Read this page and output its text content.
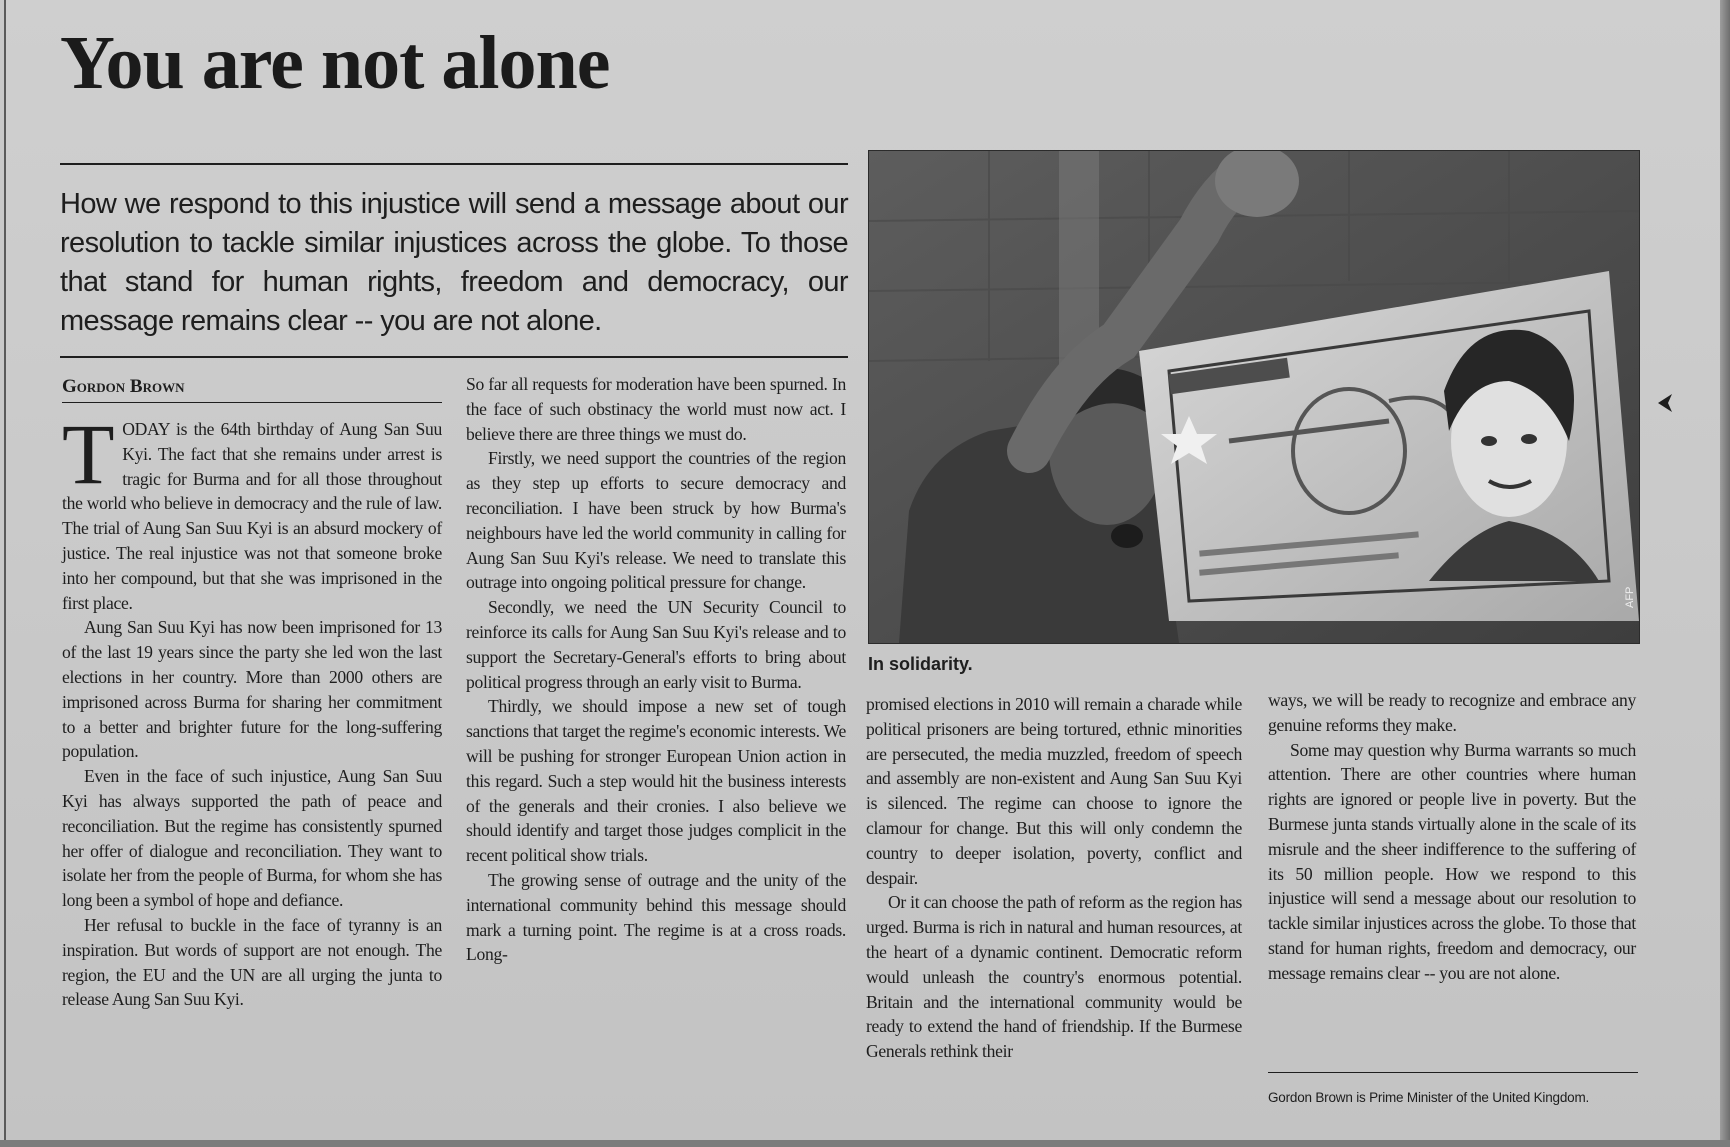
You are not alone

How we respond to this injustice will send a message about our resolution to tackle similar injustices across the globe. To those that stand for human rights, freedom and democracy, our message remains clear -- you are not alone.

Gordon Brown

TODAY is the 64th birthday of Aung San Suu Kyi. The fact that she remains under arrest is tragic for Burma and for all those throughout the world who believe in democracy and the rule of law. The trial of Aung San Suu Kyi is an absurd mockery of justice. The real injustice was not that someone broke into her compound, but that she was imprisoned in the first place.

Aung San Suu Kyi has now been imprisoned for 13 of the last 19 years since the party she led won the last elections in her country. More than 2000 others are imprisoned across Burma for sharing her commitment to a better and brighter future for the long-suffering population.

Even in the face of such injustice, Aung San Suu Kyi has always supported the path of peace and reconciliation. But the regime has consistently spurned her offer of dialogue and reconciliation. They want to isolate her from the people of Burma, for whom she has long been a symbol of hope and defiance.

Her refusal to buckle in the face of tyranny is an inspiration. But words of support are not enough. The region, the EU and the UN are all urging the junta to release Aung San Suu Kyi.

So far all requests for moderation have been spurned. In the face of such obstinacy the world must now act. I believe there are three things we must do.

Firstly, we need support the countries of the region as they step up efforts to secure democracy and reconciliation. I have been struck by how Burma's neighbours have led the world community in calling for Aung San Suu Kyi's release. We need to translate this outrage into ongoing political pressure for change.

Secondly, we need the UN Security Council to reinforce its calls for Aung San Suu Kyi's release and to support the Secretary-General's efforts to bring about political progress through an early visit to Burma.

Thirdly, we should impose a new set of tough sanctions that target the regime's economic interests. We will be pushing for stronger European Union action in this regard. Such a step would hit the business interests of the generals and their cronies. I also believe we should identify and target those judges complicit in the recent political show trials.

The growing sense of outrage and the unity of the international community behind this message should mark a turning point. The regime is at a cross roads. Long-

AFP
In solidarity.

promised elections in 2010 will remain a charade while political prisoners are being tortured, ethnic minorities are persecuted, the media muzzled, freedom of speech and assembly are non-existent and Aung San Suu Kyi is silenced. The regime can choose to ignore the clamour for change. But this will only condemn the country to deeper isolation, poverty, conflict and despair.

Or it can choose the path of reform as the region has urged. Burma is rich in natural and human resources, at the heart of a dynamic continent. Democratic reform would unleash the country's enormous potential. Britain and the international community would be ready to extend the hand of friendship. If the Burmese Generals rethink their

ways, we will be ready to recognize and embrace any genuine reforms they make.

Some may question why Burma warrants so much attention. There are other countries where human rights are ignored or people live in poverty. But the Burmese junta stands virtually alone in the scale of its misrule and the sheer indifference to the suffering of its 50 million people. How we respond to this injustice will send a message about our resolution to tackle similar injustices across the globe. To those that stand for human rights, freedom and democracy, our message remains clear -- you are not alone.

Gordon Brown is Prime Minister of the United Kingdom.
